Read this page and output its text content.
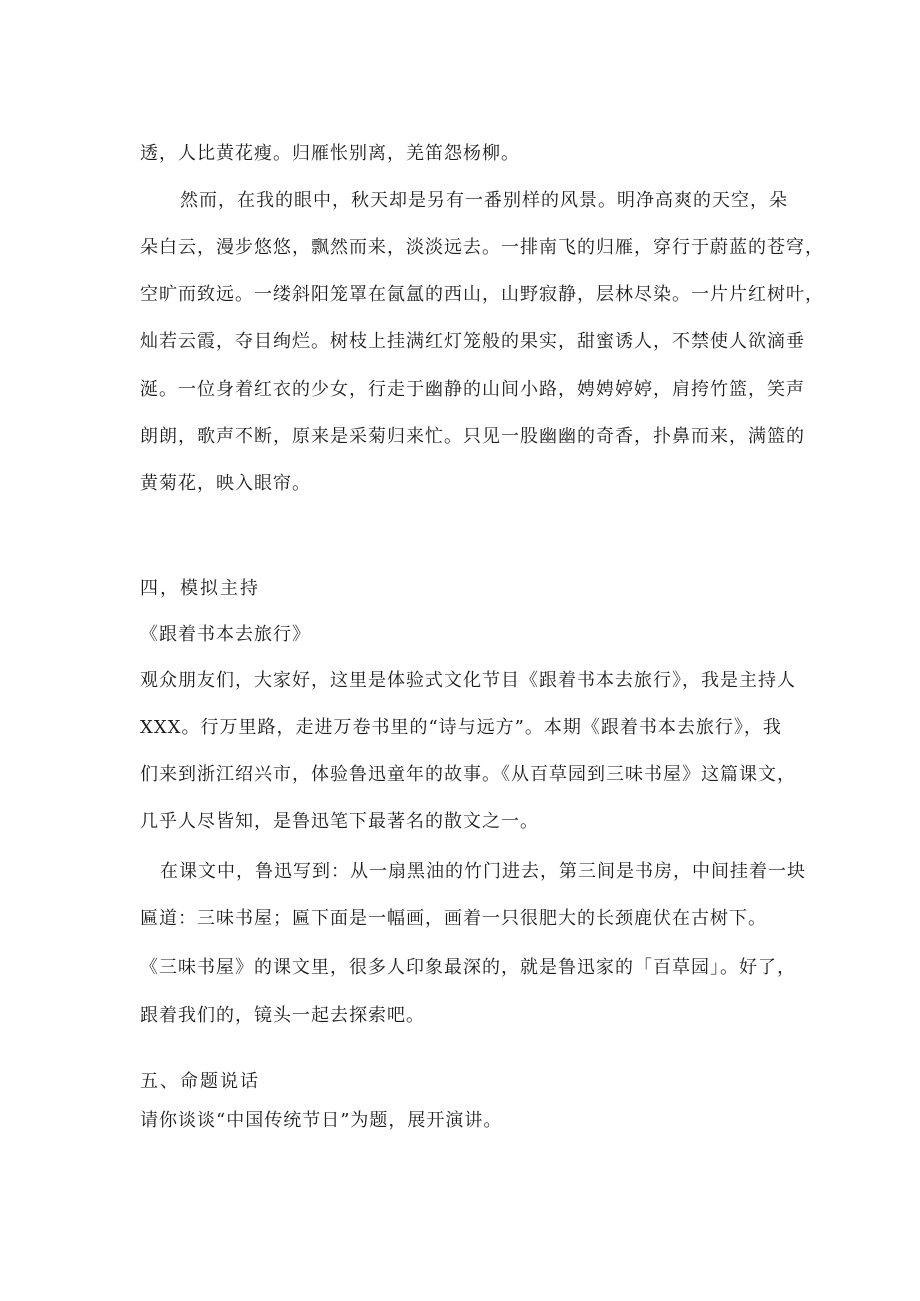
透，人比黄花瘦。归雁怅别离，羌笛怨杨柳。

然而，在我的眼中，秋天却是另有一番别样的风景。明净高爽的天空，朵

朵白云，漫步悠悠，飘然而来，淡淡远去。一排南飞的归雁，穿行于蔚蓝的苍穹，

空旷而致远。一缕斜阳笼罩在氤氲的西山，山野寂静，层林尽染。一片片红树叶，

灿若云霞，夺目绚烂。树枝上挂满红灯笼般的果实，甜蜜诱人，不禁使人欲滴垂

涎。一位身着红衣的少女，行走于幽静的山间小路，娉娉婷婷，肩挎竹篮，笑声

朗朗，歌声不断，原来是采菊归来忙。只见一股幽幽的奇香，扑鼻而来，满篮的

黄菊花，映入眼帘。

四，模拟主持

《跟着书本去旅行》

观众朋友们，大家好，这里是体验式文化节目《跟着书本去旅行》，我是主持人

XXX。行万里路，走进万卷书里的“诗与远方”。本期《跟着书本去旅行》，我

们来到浙江绍兴市，体验鲁迅童年的故事。《从百草园到三味书屋》这篇课文，

几乎人尽皆知，是鲁迅笔下最著名的散文之一。

在课文中，鲁迅写到：从一扇黑油的竹门进去，第三间是书房，中间挂着一块

匾道：三味书屋；匾下面是一幅画，画着一只很肥大的长颈鹿伏在古树下。

《三味书屋》的课文里，很多人印象最深的，就是鲁迅家的「百草园」。好了，

跟着我们的，镜头一起去探索吧。

五、命题说话

请你谈谈“中国传统节日”为题，展开演讲。
